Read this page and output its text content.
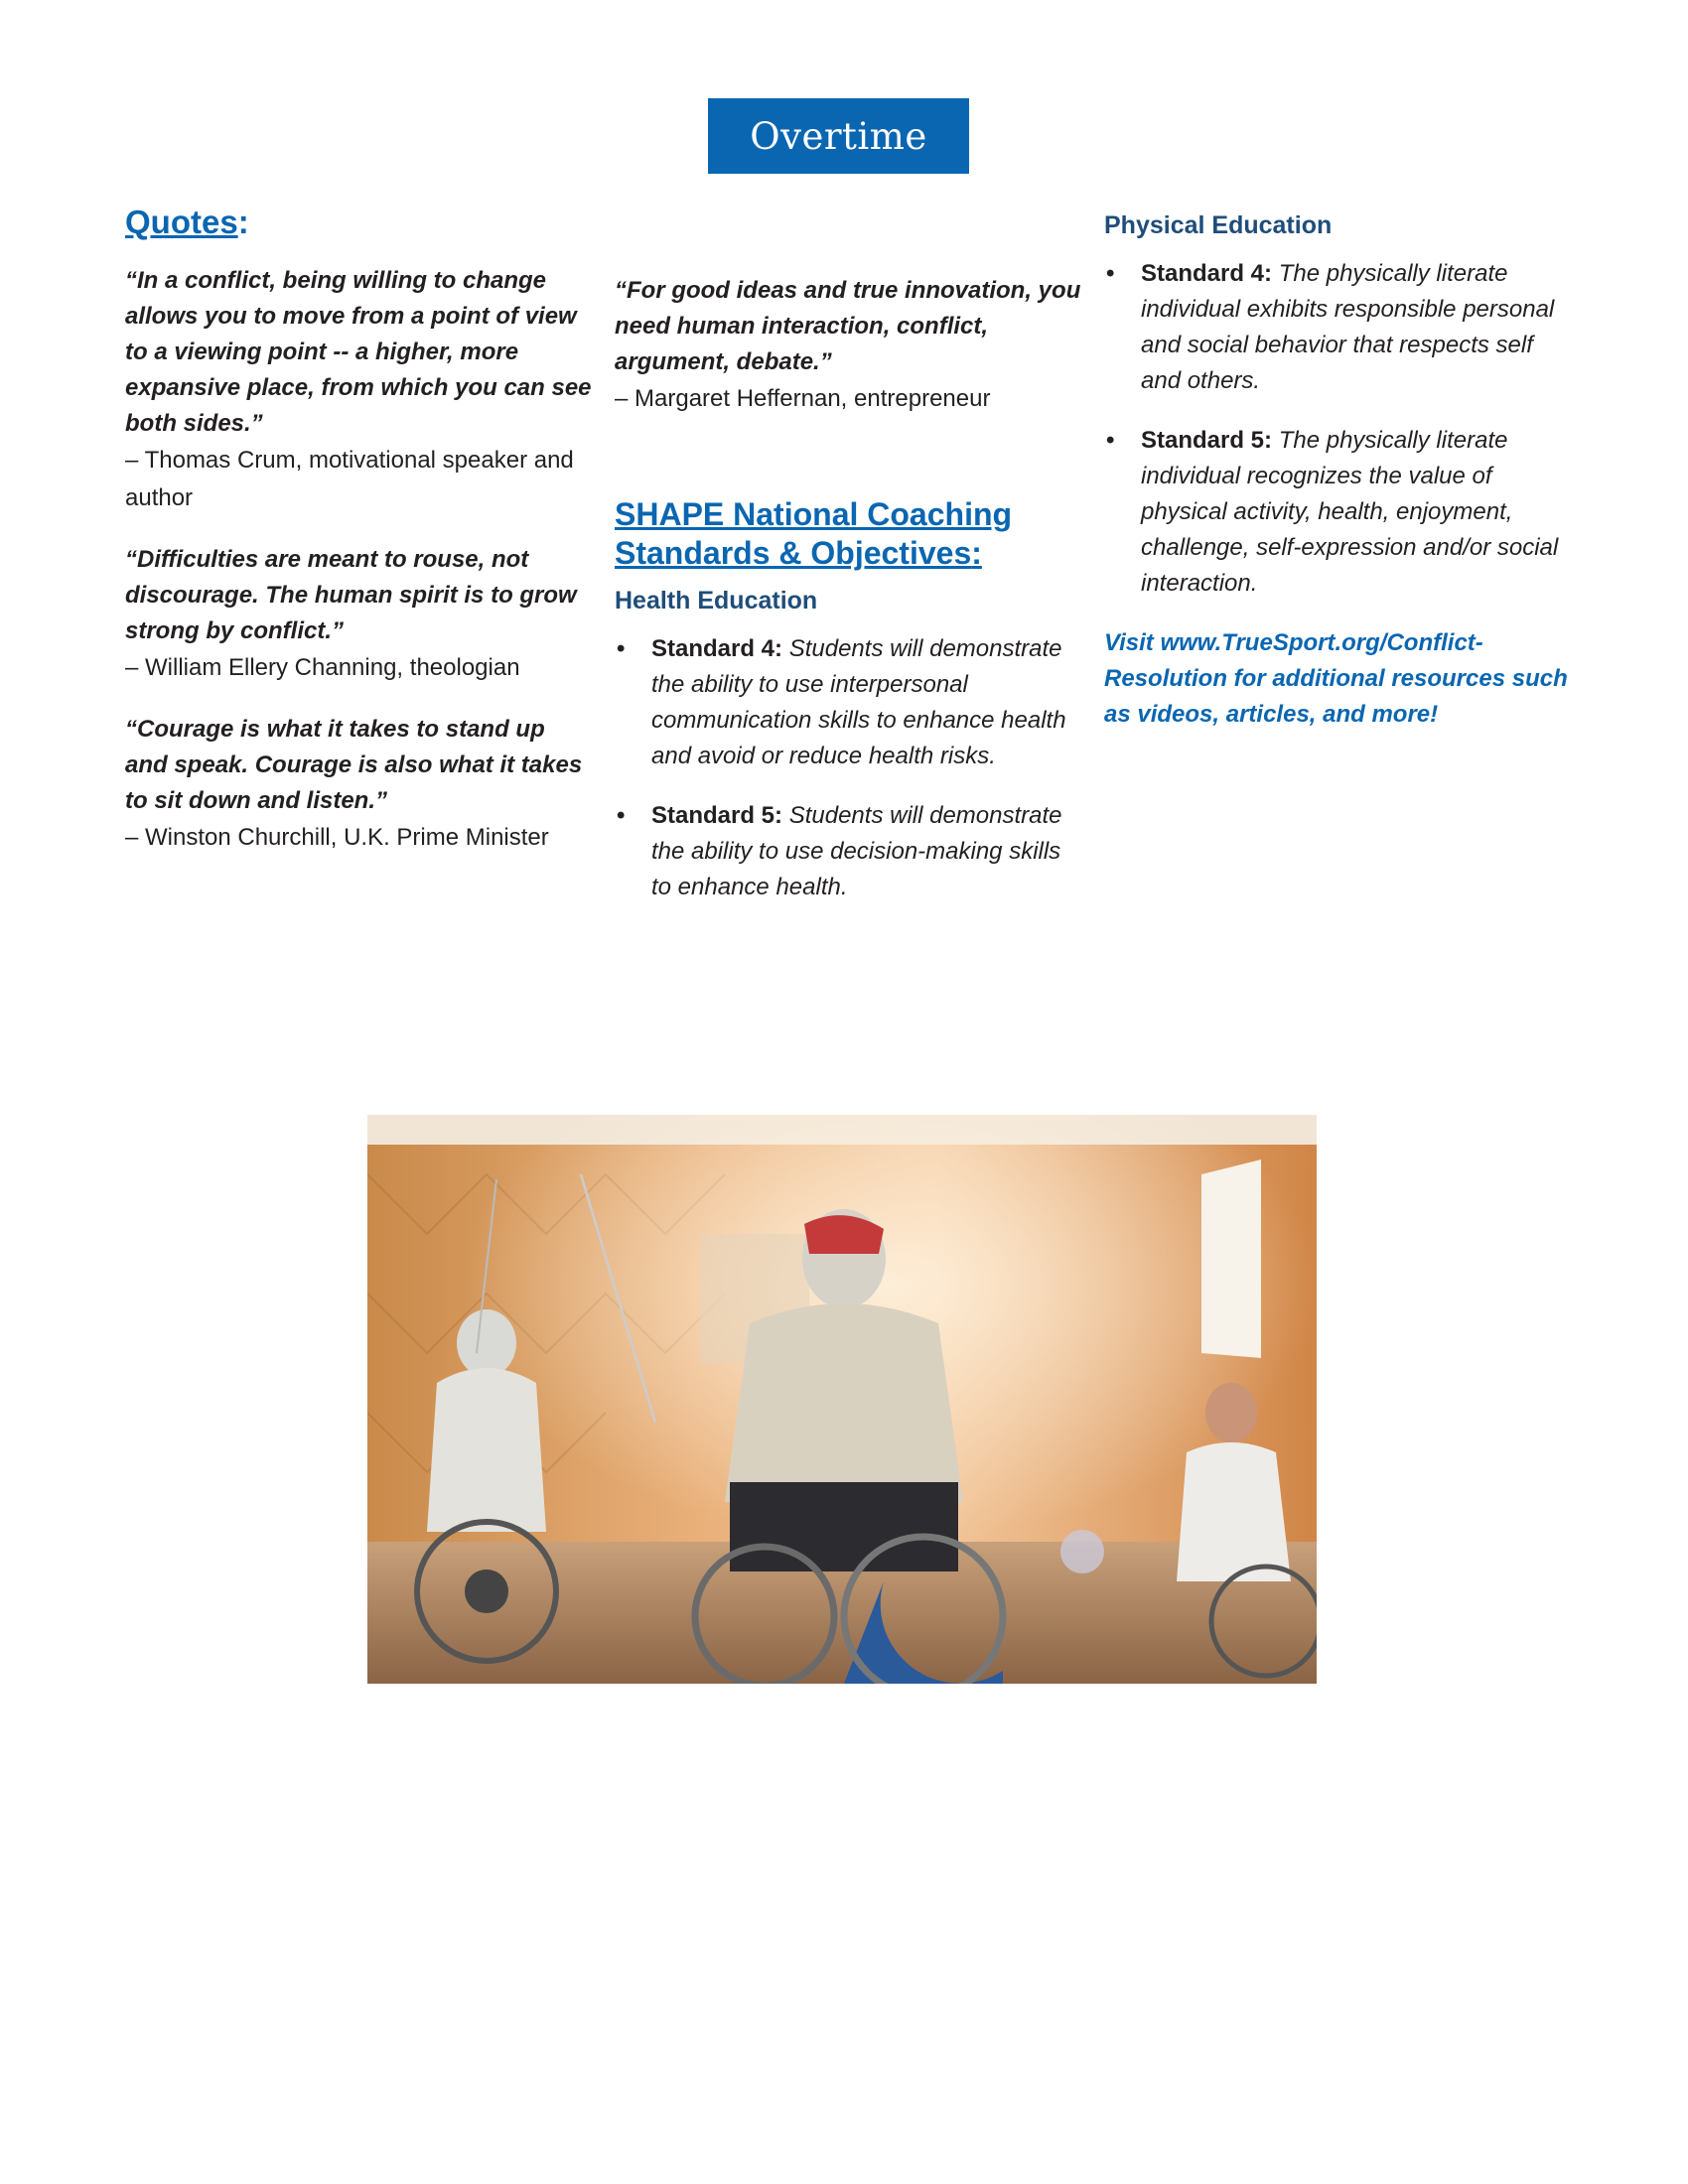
Overtime
Quotes:

“In a conflict, being willing to change allows you to move from a point of view to a viewing point -- a higher, more expansive place, from which you can see both sides.”

– Thomas Crum, motivational speaker and author

“Difficulties are meant to rouse, not discourage. The human spirit is to grow strong by conflict.”

– William Ellery Channing, theologian

“Courage is what it takes to stand up and speak. Courage is also what it takes to sit down and listen.”

– Winston Churchill, U.K. Prime Minister

“For good ideas and true innovation, you need human interaction, conflict, argument, debate.”

– Margaret Heffernan, entrepreneur

SHAPE National Coaching Standards & Objectives:
Health Education
• Standard 4: Students will demonstrate the ability to use interpersonal communication skills to enhance health and avoid or reduce health risks.
• Standard 5: Students will demonstrate the ability to use decision-making skills to enhance health.
Physical Education
• Standard 4: The physically literate individual exhibits responsible personal and social behavior that respects self and others.
• Standard 5: The physically literate individual recognizes the value of physical activity, health, enjoyment, challenge, self-expression and/or social interaction.

Visit www.TrueSport.org/Conflict-Resolution for additional resources such as videos, articles, and more!
